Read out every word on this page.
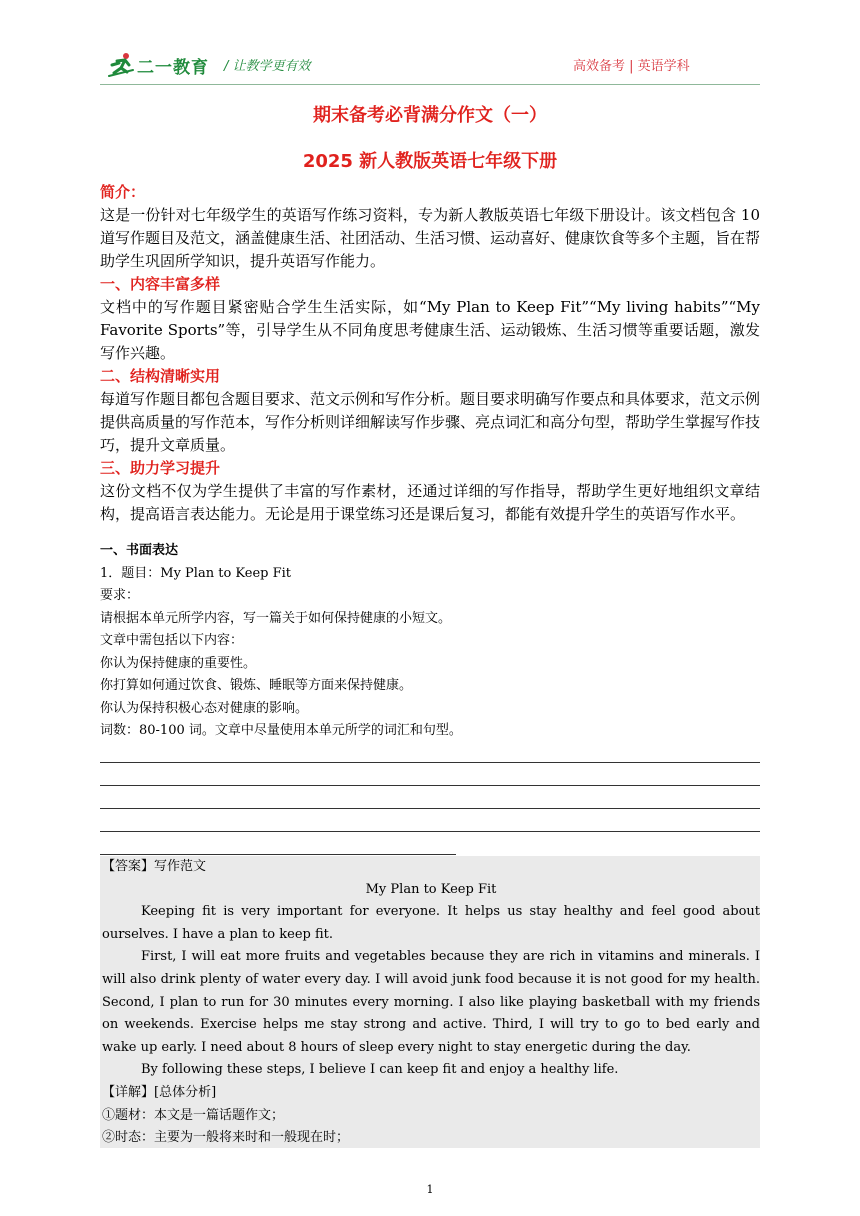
二一教育 / 让教学更有效	高效备考 | 英语学科
期末备考必背满分作文（一）
2025 新人教版英语七年级下册
简介：
这是一份针对七年级学生的英语写作练习资料，专为新人教版英语七年级下册设计。该文档包含 10 道写作题目及范文，涵盖健康生活、社团活动、生活习惯、运动喜好、健康饮食等多个主题，旨在帮助学生巩固所学知识，提升英语写作能力。
一、内容丰富多样
文档中的写作题目紧密贴合学生生活实际，如“My Plan to Keep Fit”“My living habits”“My Favorite Sports”等，引导学生从不同角度思考健康生活、运动锻炼、生活习惯等重要话题，激发写作兴趣。
二、结构清晰实用
每道写作题目都包含题目要求、范文示例和写作分析。题目要求明确写作要点和具体要求，范文示例提供高质量的写作范本，写作分析则详细解读写作步骤、亮点词汇和高分句型，帮助学生掌握写作技巧，提升文章质量。
三、助力学习提升
这份文档不仅为学生提供了丰富的写作素材，还通过详细的写作指导，帮助学生更好地组织文章结构，提高语言表达能力。无论是用于课堂练习还是课后复习，都能有效提升学生的英语写作水平。
一、书面表达
1．题目：My Plan to Keep Fit
要求：
请根据本单元所学内容，写一篇关于如何保持健康的小短文。
文章中需包括以下内容：
你认为保持健康的重要性。
你打算如何通过饮食、锻炼、睡眠等方面来保持健康。
你认为保持积极心态对健康的影响。
词数：80-100 词。文章中尽量使用本单元所学的词汇和句型。
【答案】写作范文
My Plan to Keep Fit
Keeping fit is very important for everyone. It helps us stay healthy and feel good about ourselves. I have a plan to keep fit.
First, I will eat more fruits and vegetables because they are rich in vitamins and minerals. I will also drink plenty of water every day. I will avoid junk food because it is not good for my health. Second, I plan to run for 30 minutes every morning. I also like playing basketball with my friends on weekends. Exercise helps me stay strong and active. Third, I will try to go to bed early and wake up early. I need about 8 hours of sleep every night to stay energetic during the day.
By following these steps, I believe I can keep fit and enjoy a healthy life.
【详解】[总体分析]
①题材：本文是一篇话题作文；
②时态：主要为一般将来时和一般现在时；
1
